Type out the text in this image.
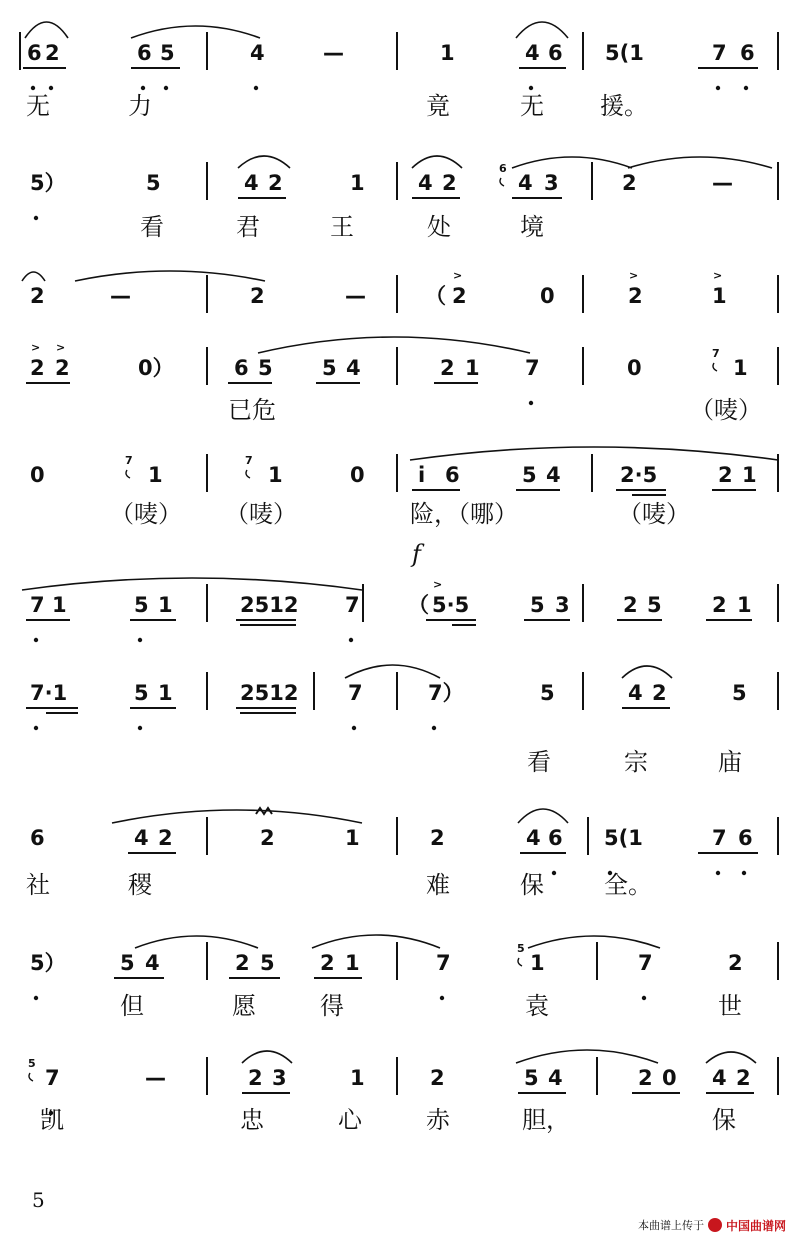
6 2	6 5	4	—	1	4 6 5(1	7 6
无	力	竟	无 援。
5）	5	4 2	1	4 2	4 3	2	—
6
看	君	王	处	境
2	—	2	—	（ 2
>
0	2
>
1
>
2
>
2
>
0）	6 5 5 4	2 1 7	0	1
7
已危	（唛）
0	1	1	0	i 6	5 4	2·5	2 1
7	7
（唛） （唛）	险，（哪）	（唛）
7 1	5 1	2512 7 （ 5·5
>
5 3	2 5 2 1
f
7·1	5 1	2512 7	7）	5	4 2	5
看	宗	庙
6	4 2	2	1	2	4 6 5(1	7 6
社	稷	难	保	全。
5）	5 4	2 5 2 1	7	1	7	2
5
但	愿	得	袁	世
7	—	2 3	1	2	5 4	2 0 4 2
5
凯	忠	心	赤	胆，	保
5
本曲谱上传于 中国曲谱网
